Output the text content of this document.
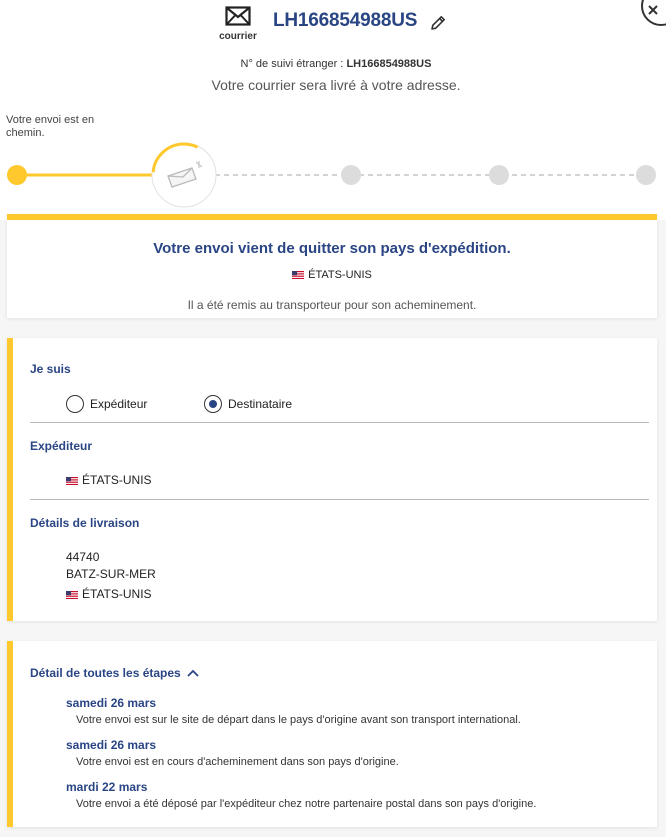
courrier
LH166854988US
N° de suivi étranger : LH166854988US
Votre courrier sera livré à votre adresse.
Votre envoi est en chemin.
Votre envoi vient de quitter son pays d'expédition.
ÉTATS-UNIS
Il a été remis au transporteur pour son acheminement.
Je suis
Expéditeur	Destinataire
Expéditeur
ÉTATS-UNIS
Détails de livraison
44740
BATZ-SUR-MER
ÉTATS-UNIS
Détail de toutes les étapes
samedi 26 mars
Votre envoi est sur le site de départ dans le pays d'origine avant son transport international.
samedi 26 mars
Votre envoi est en cours d'acheminement dans son pays d'origine.
mardi 22 mars
Votre envoi a été déposé par l'expéditeur chez notre partenaire postal dans son pays d'origine.
